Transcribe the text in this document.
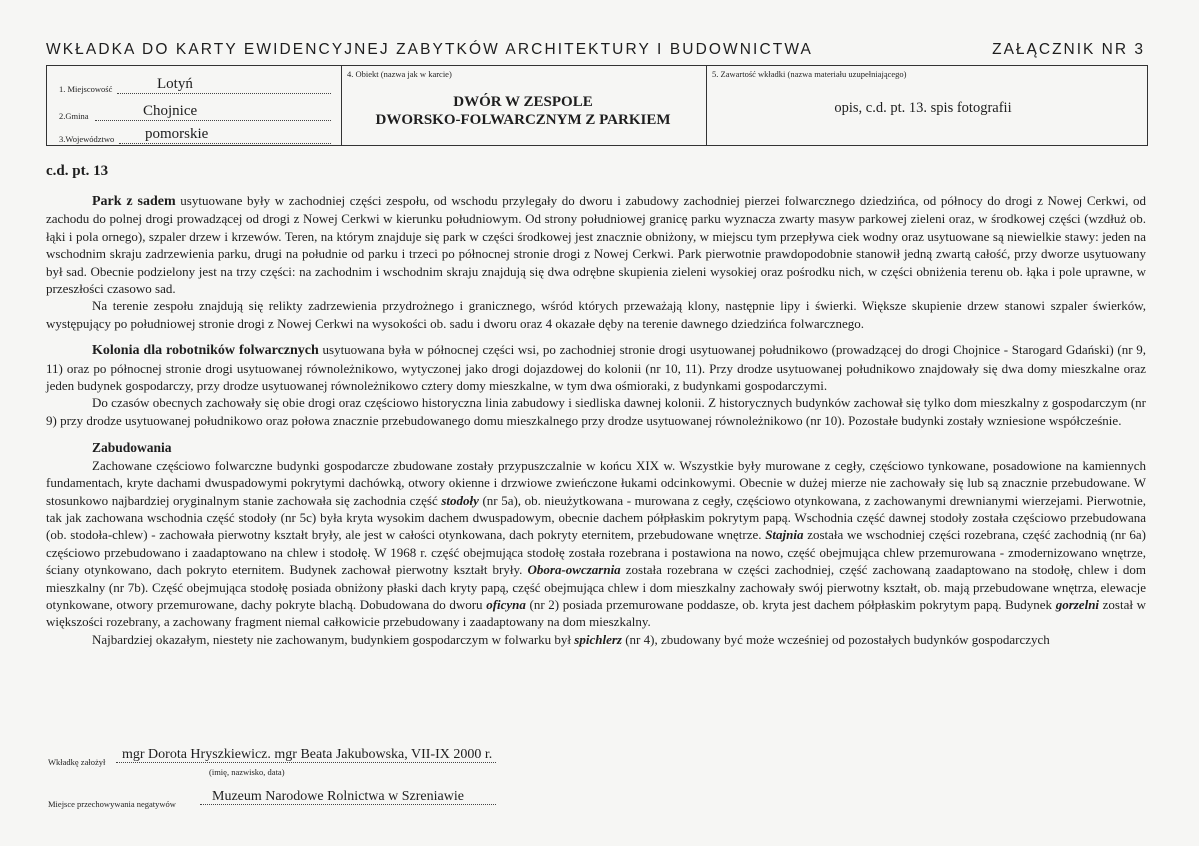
WKŁADKA DO KARTY EWIDENCYJNEJ ZABYTKÓW ARCHITEKTURY I BUDOWNICTWA	ZAŁĄCZNIK NR 3
1. Miejscowość	Lotyń
2.Gmina	Chojnice
3.Województwo pomorskie
4. Obiekt (nazwa jak w karcie)
DWÓR W ZESPOLE
DWORSKO-FOLWARCZNYM Z PARKIEM
5. Zawartość wkładki (nazwa materiału uzupełniającego)
opis, c.d. pt. 13. spis fotografii
c.d. pt. 13

Park z sadem usytuowane były w zachodniej części zespołu, od wschodu przylegały do dworu i zabudowy zachodniej pierzei folwarcznego dziedzińca, od północy do drogi z Nowej Cerkwi, od zachodu do polnej drogi prowadzącej od drogi z Nowej Cerkwi w kierunku południowym. Od strony południowej granicę parku wyznacza zwarty masyw parkowej zieleni oraz, w środkowej części (wzdłuż ob. łąki i pola ornego), szpaler drzew i krzewów. Teren, na którym znajduje się park w części środkowej jest znacznie obniżony, w miejscu tym przepływa ciek wodny oraz usytuowane są niewielkie stawy: jeden na wschodnim skraju zadrzewienia parku, drugi na południe od parku i trzeci po północnej stronie drogi z Nowej Cerkwi. Park pierwotnie prawdopodobnie stanowił jedną zwartą całość, przy dworze usytuowany był sad. Obecnie podzielony jest na trzy części: na zachodnim i wschodnim skraju znajdują się dwa odrębne skupienia zieleni wysokiej oraz pośrodku nich, w części obniżenia terenu ob. łąka i pole uprawne, w przeszłości czasowo sad.

Na terenie zespołu znajdują się relikty zadrzewienia przydrożnego i granicznego, wśród których przeważają klony, następnie lipy i świerki. Większe skupienie drzew stanowi szpaler świerków, występujący po południowej stronie drogi z Nowej Cerkwi na wysokości ob. sadu i dworu oraz 4 okazałe dęby na terenie dawnego dziedzińca folwarcznego.

Kolonia dla robotników folwarcznych usytuowana była w północnej części wsi, po zachodniej stronie drogi usytuowanej południkowo (prowadzącej do drogi Chojnice - Starogard Gdański) (nr 9, 11) oraz po północnej stronie drogi usytuowanej równoleżnikowo, wytyczonej jako drogi dojazdowej do kolonii (nr 10, 11). Przy drodze usytuowanej południkowo znajdowały się dwa domy mieszkalne oraz jeden budynek gospodarczy, przy drodze usytuowanej równoleżnikowo cztery domy mieszkalne, w tym dwa ośmioraki, z budynkami gospodarczymi.

Do czasów obecnych zachowały się obie drogi oraz częściowo historyczna linia zabudowy i siedliska dawnej kolonii. Z historycznych budynków zachował się tylko dom mieszkalny z gospodarczym (nr 9) przy drodze usytuowanej południkowo oraz połowa znacznie przebudowanego domu mieszkalnego przy drodze usytuowanej równoleżnikowo (nr 10). Pozostałe budynki zostały wzniesione współcześnie.

Zabudowania

Zachowane częściowo folwarczne budynki gospodarcze zbudowane zostały przypuszczalnie w końcu XIX w. Wszystkie były murowane z cegły, częściowo tynkowane, posadowione na kamiennych fundamentach, kryte dachami dwuspadowymi pokrytymi dachówką, otwory okienne i drzwiowe zwieńczone łukami odcinkowymi. Obecnie w dużej mierze nie zachowały się lub są znacznie przebudowane. W stosunkowo najbardziej oryginalnym stanie zachowała się zachodnia część stodoły (nr 5a), ob. nieużytkowana - murowana z cegły, częściowo otynkowana, z zachowanymi drewnianymi wierzejami. Pierwotnie, tak jak zachowana wschodnia część stodoły (nr 5c) była kryta wysokim dachem dwuspadowym, obecnie dachem półpłaskim pokrytym papą. Wschodnia część dawnej stodoły została częściowo przebudowana (ob. stodoła-chlew) - zachowała pierwotny kształt bryły, ale jest w całości otynkowana, dach pokryty eternitem, przebudowane wnętrze. Stajnia została we wschodniej części rozebrana, część zachodnią (nr 6a) częściowo przebudowano i zaadaptowano na chlew i stodołę. W 1968 r. część obejmująca stodołę została rozebrana i postawiona na nowo, część obejmująca chlew przemurowana - zmodernizowano wnętrze, ściany otynkowano, dach pokryto eternitem. Budynek zachował pierwotny kształt bryły. Obora-owczarnia została rozebrana w części zachodniej, część zachowaną zaadaptowano na stodołę, chlew i dom mieszkalny (nr 7b). Część obejmująca stodołę posiada obniżony płaski dach kryty papą, część obejmująca chlew i dom mieszkalny zachowały swój pierwotny kształt, ob. mają przebudowane wnętrza, elewacje otynkowane, otwory przemurowane, dachy pokryte blachą. Dobudowana do dworu oficyna (nr 2) posiada przemurowane poddasze, ob. kryta jest dachem półpłaskim pokrytym papą. Budynek gorzelni został w większości rozebrany, a zachowany fragment niemal całkowicie przebudowany i zaadaptowany na dom mieszkalny.

Najbardziej okazałym, niestety nie zachowanym, budynkiem gospodarczym w folwarku był spichlerz (nr 4), zbudowany być może wcześniej od pozostałych budynków gospodarczych

Wkładkę założył mgr Dorota Hryszkiewicz. mgr Beata Jakubowska, VII-IX 2000 r.
(imię, nazwisko, data)
Miejsce przechowywania negatywów	Muzeum Narodowe Rolnictwa w Szreniawie
